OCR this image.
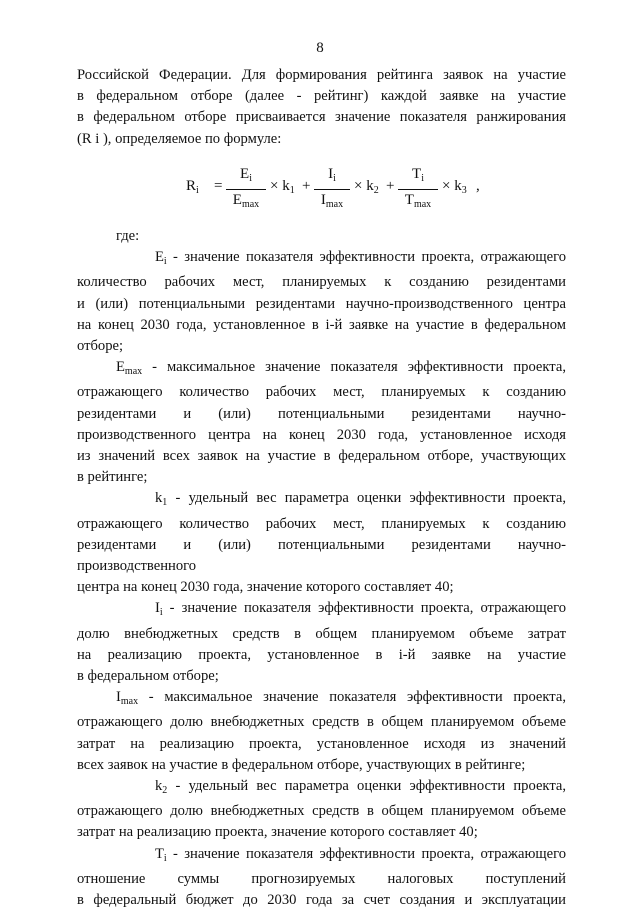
8
Российской Федерации. Для формирования рейтинга заявок на участие
в федеральном отборе (далее - рейтинг) каждой заявке на участие
в федеральном отборе присваивается значение показателя ранжирования
(R i ), определяемое по формуле:
$R_i$ =
$E_i$
$E_{max}$
× $k_1$ +
$I_i$
$I_{max}$
× $k_2$ +
$T_i$
$T_{max}$
× $k_3$ ,
где:
$E_i$ - значение показателя эффективности проекта, отражающего
количество рабочих мест, планируемых к созданию резидентами
и (или) потенциальными резидентами научно-производственного центра
на конец 2030 года, установленное в i-й заявке на участие в федеральном
отборе;
$E_{max}$ - максимальное значение показателя эффективности проекта,
отражающего количество рабочих мест, планируемых к созданию
резидентами и (или) потенциальными резидентами научно-
производственного центра на конец 2030 года, установленное исходя
из значений всех заявок на участие в федеральном отборе, участвующих
в рейтинге;
$k_1$ - удельный вес параметра оценки эффективности проекта,
отражающего количество рабочих мест, планируемых к созданию
резидентами и (или) потенциальными резидентами научно-производственного
центра на конец 2030 года, значение которого составляет 40;
$I_i$ - значение показателя эффективности проекта, отражающего
долю внебюджетных средств в общем планируемом объеме затрат
на реализацию проекта, установленное в i-й заявке на участие
в федеральном отборе;
$I_{max}$ - максимальное значение показателя эффективности проекта,
отражающего долю внебюджетных средств в общем планируемом объеме
затрат на реализацию проекта, установленное исходя из значений
всех заявок на участие в федеральном отборе, участвующих в рейтинге;
$k_2$ - удельный вес параметра оценки эффективности проекта,
отражающего долю внебюджетных средств в общем планируемом объеме
затрат на реализацию проекта, значение которого составляет 40;
$T_i$ - значение показателя эффективности проекта, отражающего
отношение суммы прогнозируемых налоговых поступлений
в федеральный бюджет до 2030 года за счет создания и эксплуатации
